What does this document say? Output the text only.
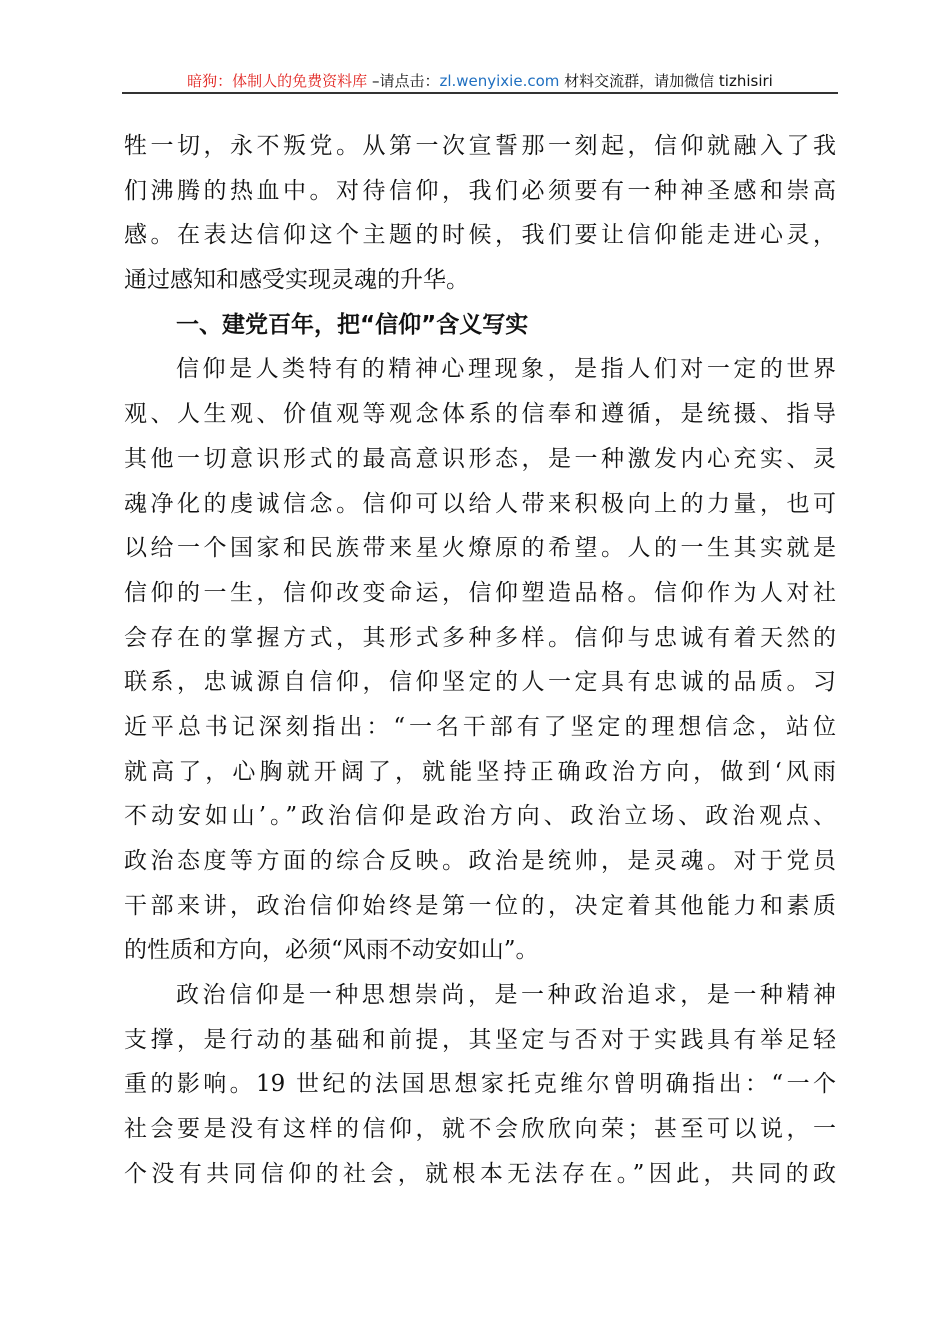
暗狗：体制人的免费资料库 –请点击：zl.wenyixie.com 材料交流群，请加微信 tizhisiri
牲一切，永不叛党。从第一次宣誓那一刻起，信仰就融入了我
们沸腾的热血中。对待信仰，我们必须要有一种神圣感和崇高
感。在表达信仰这个主题的时候，我们要让信仰能走进心灵，
通过感知和感受实现灵魂的升华。
一、建党百年，把“信仰”含义写实
信仰是人类特有的精神心理现象，是指人们对一定的世界
观、人生观、价值观等观念体系的信奉和遵循，是统摄、指导
其他一切意识形式的最高意识形态，是一种激发内心充实、灵
魂净化的虔诚信念。信仰可以给人带来积极向上的力量，也可
以给一个国家和民族带来星火燎原的希望。人的一生其实就是
信仰的一生，信仰改变命运，信仰塑造品格。信仰作为人对社
会存在的掌握方式，其形式多种多样。信仰与忠诚有着天然的
联系，忠诚源自信仰，信仰坚定的人一定具有忠诚的品质。习
近平总书记深刻指出：“一名干部有了坚定的理想信念，站位
就高了，心胸就开阔了，就能坚持正确政治方向，做到‘风雨
不动安如山’。”政治信仰是政治方向、政治立场、政治观点、
政治态度等方面的综合反映。政治是统帅，是灵魂。对于党员
干部来讲，政治信仰始终是第一位的，决定着其他能力和素质
的性质和方向，必须“风雨不动安如山”。
政治信仰是一种思想崇尚，是一种政治追求，是一种精神
支撑，是行动的基础和前提，其坚定与否对于实践具有举足轻
重的影响。19 世纪的法国思想家托克维尔曾明确指出：“一个
社会要是没有这样的信仰，就不会欣欣向荣；甚至可以说，一
个没有共同信仰的社会，就根本无法存在。”因此，共同的政
